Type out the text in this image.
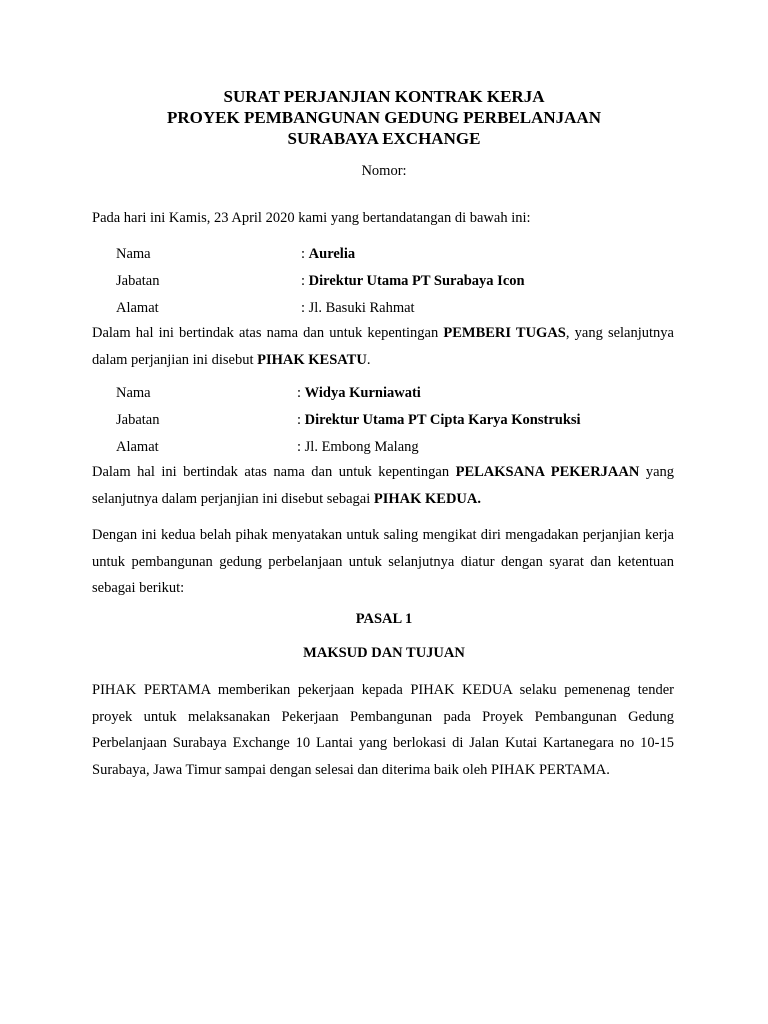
SURAT PERJANJIAN KONTRAK KERJA
PROYEK PEMBANGUNAN GEDUNG PERBELANJAAN
SURABAYA EXCHANGE
Nomor:
Pada hari ini Kamis, 23 April 2020 kami yang bertandatangan di bawah ini:
Nama	: Aurelia
Jabatan	: Direktur Utama PT Surabaya Icon
Alamat	: Jl. Basuki Rahmat
Dalam hal ini bertindak atas nama dan untuk kepentingan PEMBERI TUGAS, yang selanjutnya dalam perjanjian ini disebut PIHAK KESATU.
Nama	: Widya Kurniawati
Jabatan	: Direktur Utama PT Cipta Karya Konstruksi
Alamat	: Jl. Embong Malang
Dalam hal ini bertindak atas nama dan untuk kepentingan PELAKSANA PEKERJAAN yang selanjutnya dalam perjanjian ini disebut sebagai PIHAK KEDUA.
Dengan ini kedua belah pihak menyatakan untuk saling mengikat diri mengadakan perjanjian kerja untuk pembangunan gedung perbelanjaan untuk selanjutnya diatur dengan syarat dan ketentuan sebagai berikut:
PASAL 1
MAKSUD DAN TUJUAN
PIHAK PERTAMA memberikan pekerjaan kepada PIHAK KEDUA selaku pemenenag tender proyek untuk melaksanakan Pekerjaan Pembangunan pada Proyek Pembangunan Gedung Perbelanjaan Surabaya Exchange 10 Lantai yang berlokasi di Jalan Kutai Kartanegara no 10-15 Surabaya, Jawa Timur sampai dengan selesai dan diterima baik oleh PIHAK PERTAMA.
